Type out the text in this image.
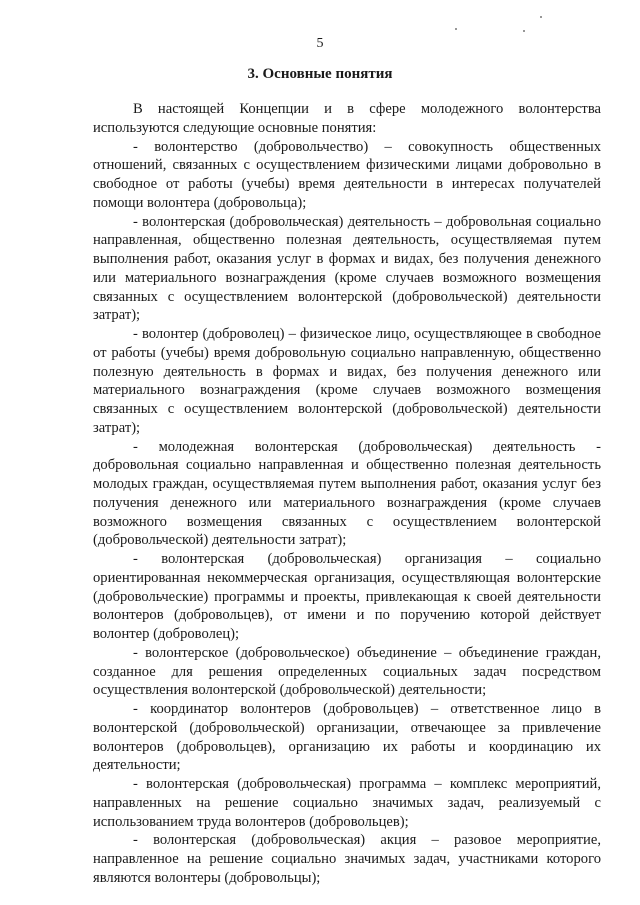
5
3. Основные понятия

В настоящей Концепции и в сфере молодежного волонтерства используются следующие основные понятия:

- волонтерство (добровольчество) – совокупность общественных отношений, связанных с осуществлением физическими лицами добровольно в свободное от работы (учебы) время деятельности в интересах получателей помощи волонтера (добровольца);

- волонтерская (добровольческая) деятельность – добровольная социально направленная, общественно полезная деятельность, осуществляемая путем выполнения работ, оказания услуг в формах и видах, без получения денежного или материального вознаграждения (кроме случаев возможного возмещения связанных с осуществлением волонтерской (добровольческой) деятельности затрат);

- волонтер (доброволец) – физическое лицо, осуществляющее в свободное от работы (учебы) время добровольную социально направленную, общественно полезную деятельность в формах и видах, без получения денежного или материального вознаграждения (кроме случаев возможного возмещения связанных с осуществлением волонтерской (добровольческой) деятельности затрат);

- молодежная волонтерская (добровольческая) деятельность - добровольная социально направленная и общественно полезная деятельность молодых граждан, осуществляемая путем выполнения работ, оказания услуг без получения денежного или материального вознаграждения (кроме случаев возможного возмещения связанных с осуществлением волонтерской (добровольческой) деятельности затрат);

- волонтерская (добровольческая) организация – социально ориентированная некоммерческая организация, осуществляющая волонтерские (добровольческие) программы и проекты, привлекающая к своей деятельности волонтеров (добровольцев), от имени и по поручению которой действует волонтер (доброволец);

- волонтерское (добровольческое) объединение – объединение граждан, созданное для решения определенных социальных задач посредством осуществления волонтерской (добровольческой) деятельности;

- координатор волонтеров (добровольцев) – ответственное лицо в волонтерской (добровольческой) организации, отвечающее за привлечение волонтеров (добровольцев), организацию их работы и координацию их деятельности;

- волонтерская (добровольческая) программа – комплекс мероприятий, направленных на решение социально значимых задач, реализуемый с использованием труда волонтеров (добровольцев);

- волонтерская (добровольческая) акция – разовое мероприятие, направленное на решение социально значимых задач, участниками которого являются волонтеры (добровольцы);
